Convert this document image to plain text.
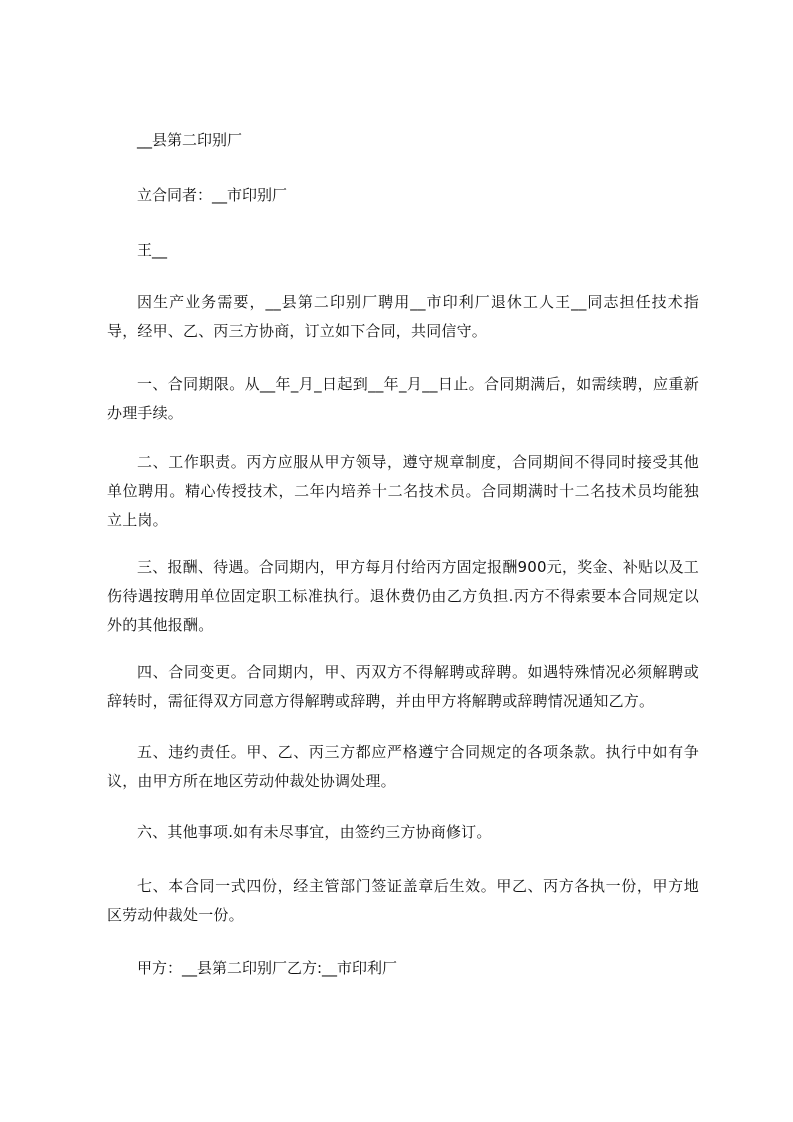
__县第二印别厂
立合同者：__市印别厂
王__
因生产业务需要，__县第二印别厂聘用__市印利厂退休工人王__同志担任技术指导，经甲、乙、丙三方协商，订立如下合同，共同信守。
一、合同期限。从__年_月_日起到__年_月__日止。合同期满后，如需续聘，应重新办理手续。
二、工作职责。丙方应服从甲方领导，遵守规章制度，合同期间不得同时接受其他单位聘用。精心传授技术，二年内培养十二名技术员。合同期满时十二名技术员均能独立上岗。
三、报酬、待遇。合同期内，甲方每月付给丙方固定报酬900元，奖金、补贴以及工伤待遇按聘用单位固定职工标准执行。退休费仍由乙方负担.丙方不得索要本合同规定以外的其他报酬。
四、合同变更。合同期内，甲、丙双方不得解聘或辞聘。如遇特殊情况必须解聘或辞转时，需征得双方同意方得解聘或辞聘，并由甲方将解聘或辞聘情况通知乙方。
五、违约责任。甲、乙、丙三方都应严格遵宁合同规定的各项条款。执行中如有争议，由甲方所在地区劳动仲裁处协调处理。
六、其他事项.如有未尽事宜，由签约三方协商修订。
七、本合同一式四份，经主管部门签证盖章后生效。甲乙、丙方各执一份，甲方地区劳动仲裁处一份。
甲方：__县第二印别厂乙方:__市印利厂
